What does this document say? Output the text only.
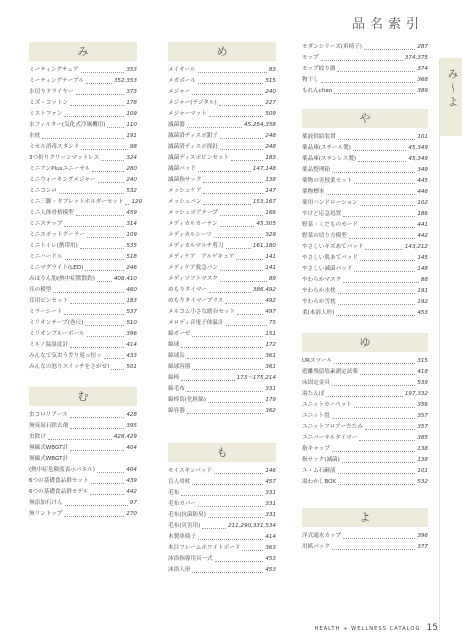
品名索引
み〜よ
み
ミーティングチェア	353
ミーティングテーブル	352,353
水切りドライヤー	373
ミズ・コットン	178
ミストファン	109
水フィルター(気化式冷風機用)	110
水枕	191
ミセル消毒スタンド	98
3つ折りクリーンマットレス	324
ミニアンPlusユニーサル	280
ミニウォーキングメジャー	240
ミニコンロ	532
ミニ三脚・タブレットホルダーセット 120
ミニ人体骨格模型	459
ミニステップ	314
ミニスポットクーラー	109
ミニトイレ(携帯用)	535
ミニハードル	518
ミニマグライト(LED)	246
みほりん肋(熱中症獣散釣)	408,410
耳の模型	460
耳用ピンセット	183
ミラーシート	537
ミリオンテープ(巻尺)	510
ミリオンブルーボール	396
ミルノ温湿度計	414
みんなで気おう差り返っ恒ッ	433
みんなの怒りスイッチをさがせ!	501
む
虫コロリアース	428
無臭尿石除去剤	395
虫除け	428,429
無線式WBGT計	404
無線式WBGT計
(熱中症危険度表示パネル)	404
6つの基礎食品群セット	439
6つの基礎食品群モデル	442
無添加石けん	97
無リントップ	270
め
メイオール	83
メガボール	515
メジャー	240
メジャー(デジタル)	227
メジャーマット	509
滅菌器	45,254,358
滅菌済ディスポ鉗子	248
滅菌済ディスポ探針	248
滅菌ディスポピンセット	183
滅菌パッド	147,148
滅菌指サック	138
メッシュケア	147
メッシュパン	153,167
メッシュポアテープ	166
メディカルカーテン	45,305
メディカルシーツ	329
メディカルマルチ剪刀	161,180
メディケア　アルゲキュア	141
メディケア救急バン	141
メディソフトマスク	89
めもりタイマー	386,492
めもりタイマープラス	492
メルコム小さな踏台セット	497
メロディ音電子体温計	75
綿ガーゼ	151
綿球	172
綿球缶	361
綿球容器	361
綿棒	173〜175,214
綿毛布	331
綿棒筒(化粧綿)	179
綿容器	362
も
モイスキンパッド	146
盲人用杖	457
毛布	331
毛布カバー	331
毛布(抗菌防臭)	331
毛布(災害用)	211,290,331,534
木製車椅子	414
木目フレームホワイトボード	363
沐浴指導用具一式	453
沐浴人形	453
モダンシリーズ(車椅子)	287
モップ	374,375
モップ絞り器	374
物干し	368
もれんchan	389
や
薬液供給装置	101
薬品庫(スチール製)	45,349
薬品庫(ステンレス製)	45,349
薬品整理箱	349
薬物の害授業セット	445
薬物標本	446
薬用ハンドローション	102
やけど応急処置	186
野菜・くだものカード	441
野菜の切り方模型	442
やさしいキズあてパッド	143,212
やさしい肌あてパッド	145
やさしい減菌パッド	148
やわらかマスク	88
やわらか水枕	191
やわらか雪枕	192
柔(木浴人形)	453
ゆ
URスツール	315
遊離残留塩素測定試薬	418
床固定金具	539
湯たんぽ	197,332
ユニットカーペット	356
ユニット畳	357
ユニットフロアーたたみ	357
ユニバーサルタイマー	385
指キャップ	138
指サック(減菌)	138
ユ・ム石鹸液	101
湯わかしBOX	532
よ
洋式通水カップ	396
用紙パック	377
HEALTH + WELLNESS CATALOG 15
